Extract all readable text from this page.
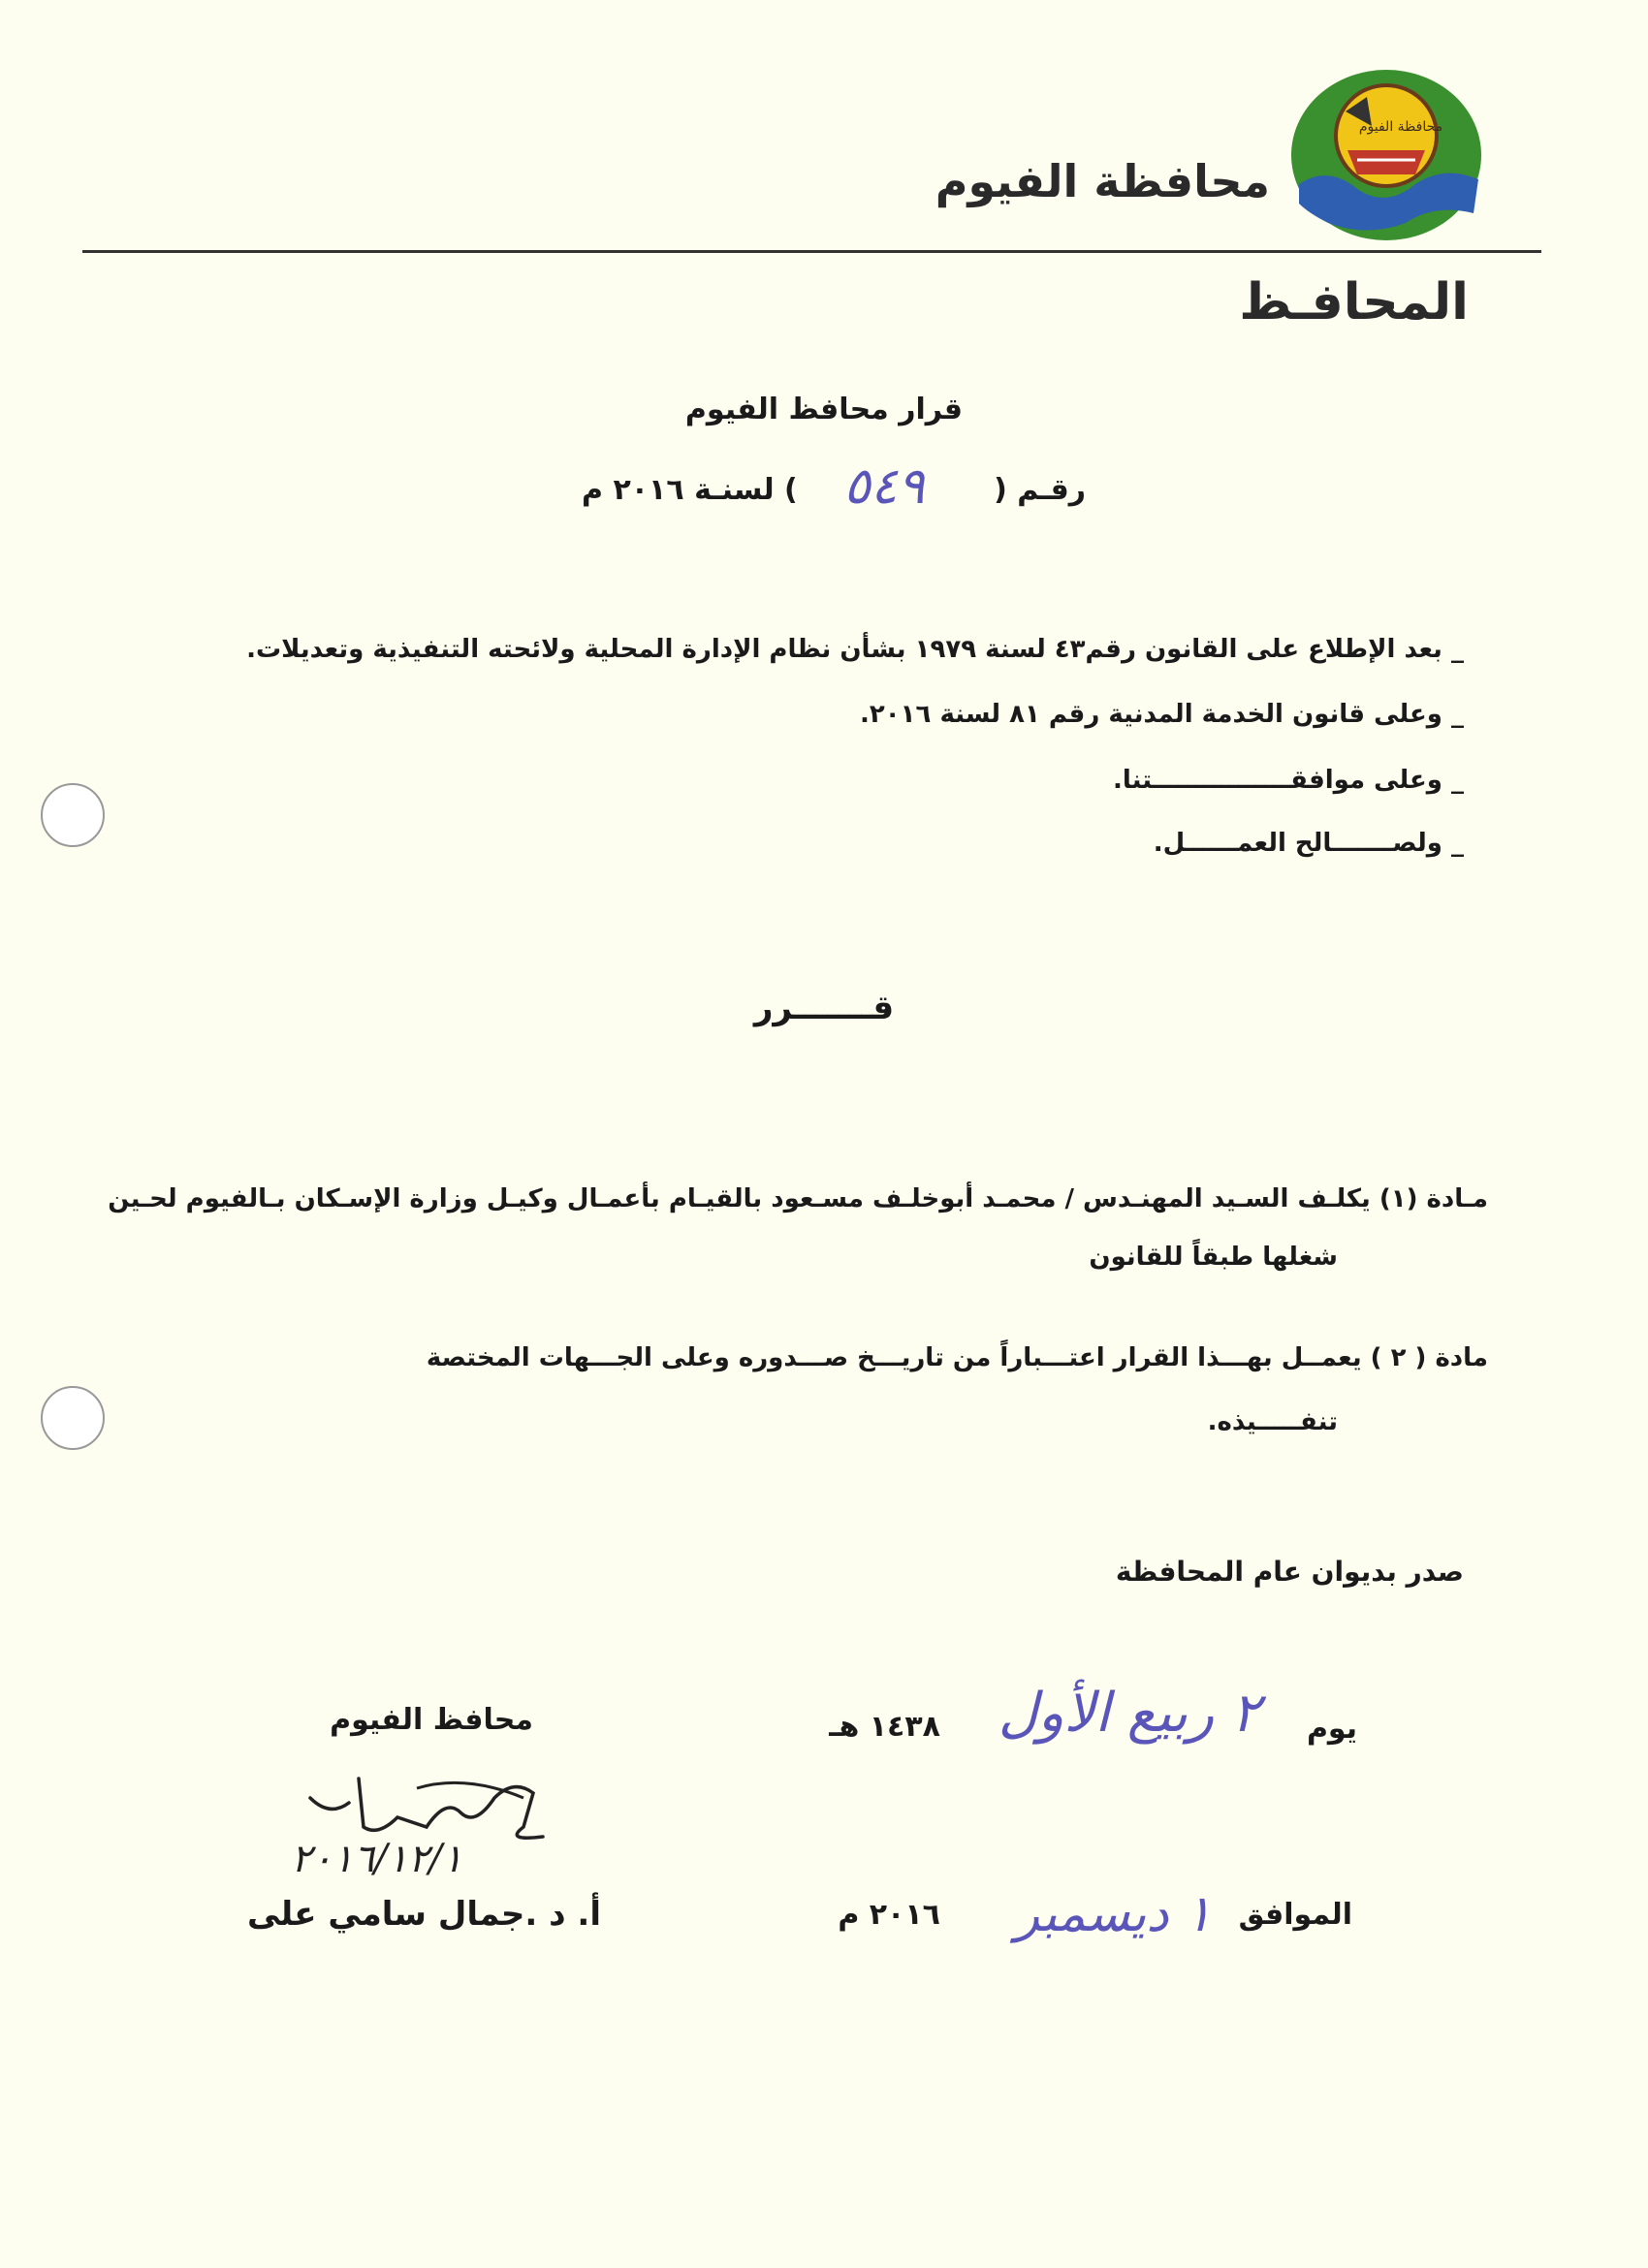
محافظة الفيوم
محافظة الفيوم
المحافـظ
قرار محافظ الفيوم
رقـم (
٥٤٩
) لسنـة ٢٠١٦ م
_ بعد الإطلاع على القانون رقم٤٣ لسنة ١٩٧٩ بشأن نظام الإدارة المحلية ولائحته التنفيذية وتعديلات.
_ وعلى قانون الخدمة المدنية رقم ٨١ لسنة ٢٠١٦.
_ وعلى موافقــــــــــــــــتنا.
_ ولصـــــــالح العمــــــل.
قـــــــرر
مـادة (١) يكلـف السـيد المهنـدس / محمـد أبوخلـف مسـعود بالقيـام بأعمـال وكيـل وزارة الإسـكان بـالفيوم لحـين
شغلها طبقاً للقانون
مادة ( ٢ ) يعمــل بهـــذا القرار اعتـــباراً من تاريـــخ صـــدوره وعلى الجـــهات المختصة
تنفـــــيذه.
صدر بديوان عام المحافظة
يوم
٢ ربيع الأول
١٤٣٨ هـ
الموافق
١ ديسمبر
٢٠١٦ م
محافظ الفيوم
٢٠١٦/١٢/١
أ. د .جمال سامي على
